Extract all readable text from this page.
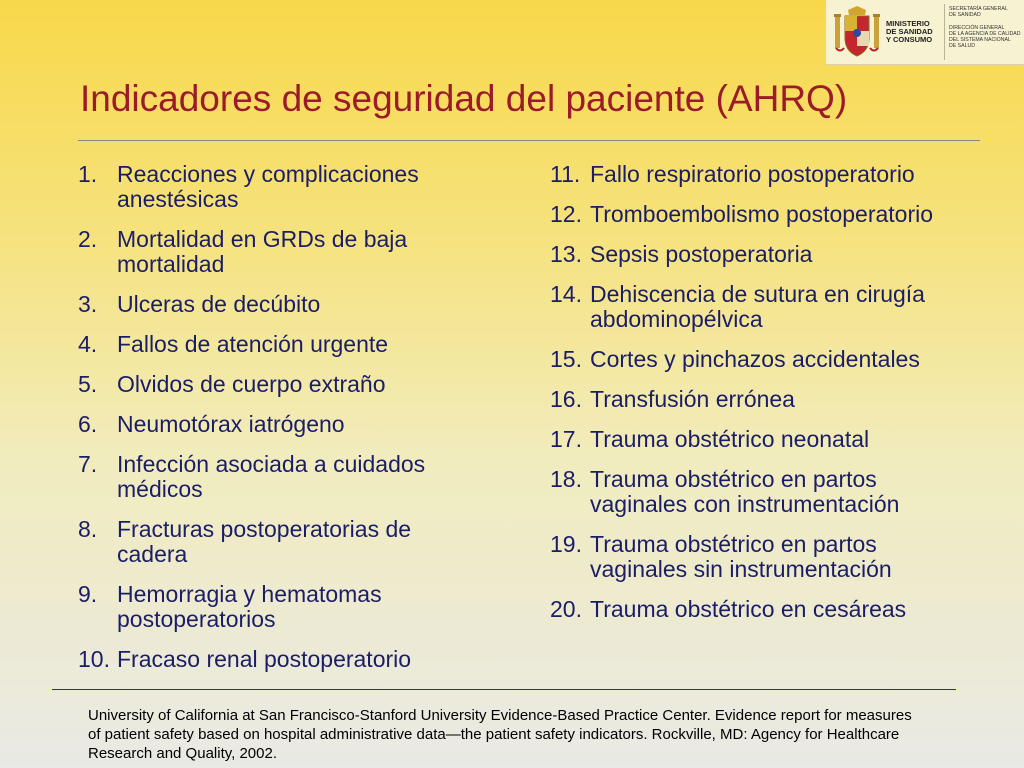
MINISTERIO
DE SANIDAD
Y CONSUMO
SECRETARÍA GENERAL
DE SANIDAD
DIRECCIÓN GENERAL
DE LA AGENCIA DE CALIDAD
DEL SISTEMA NACIONAL
DE SALUD
Indicadores de seguridad del paciente (AHRQ)
1. Reacciones y complicaciones anestésicas
2. Mortalidad en GRDs de baja mortalidad
3. Ulceras de decúbito
4. Fallos de atención urgente
5. Olvidos de cuerpo extraño
6. Neumotórax iatrógeno
7. Infección asociada a cuidados médicos
8. Fracturas postoperatorias de cadera
9. Hemorragia y hematomas postoperatorios
10. Fracaso renal postoperatorio
11. Fallo respiratorio postoperatorio
12. Tromboembolismo postoperatorio
13. Sepsis postoperatoria
14. Dehiscencia de sutura en cirugía abdominopélvica
15. Cortes y pinchazos accidentales
16. Transfusión errónea
17. Trauma obstétrico neonatal
18. Trauma obstétrico en partos vaginales con instrumentación
19. Trauma obstétrico en partos vaginales sin instrumentación
20. Trauma obstétrico en cesáreas

University of California at San Francisco-Stanford University Evidence-Based Practice Center. Evidence report for measures of patient safety based on hospital administrative data—the patient safety indicators. Rockville, MD: Agency for Healthcare Research and Quality, 2002.
